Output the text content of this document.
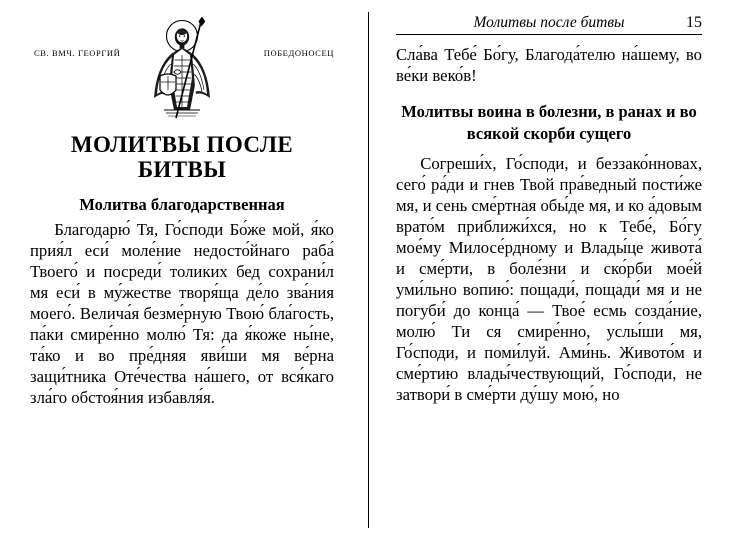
СВ. ВМЧ. ГЕОРГИЙ	ПОБЕДОНОСЕЦ
МОЛИТВЫ ПОСЛЕ БИТВЫ
Молитва благодарственная

Благодарю́ Тя, Го́споди Бо́же мой, я́ко прия́л еси́ моле́ние недосто́йнаго раба́ Твоего́ и посреди́ толиких бед сохрани́л мя еси́ в му́жестве творя́ща де́ло зва́ния моего́. Велича́я безме́рную Твою́ бла́гость, па́ки смире́нно молю́ Тя: да я́коже ны́не, та́ко и во пре́дняя яви́ши мя ве́рна защи́тника Оте́чества на́шего, от вся́каго зла́го обстоя́ния избавля́я.

Молитвы после битвы	15

Сла́ва Тебе́ Бо́гу, Благода́телю на́шему, во ве́ки веко́в!

Молитвы воина в болезни, в ранах и во всякой скорби сущего

Согреши́х, Го́споди, и беззако́нновах, сего́ ра́ди и гнев Твой пра́ведный пости́же мя, и сень сме́ртная обы́де мя, и ко а́довым врато́м приближи́хся, но к Тебе́, Бо́гу мое́му Милосе́рдному и Влады́це живота́ и сме́рти, в боле́зни и ско́рби мое́й уми́льно вопию́: пощади́, пощади́ мя и не погуби́ до конца́ — Твое́ есмь созда́ние, молю́ Ти ся смире́нно, услы́ши мя, Го́споди, и поми́луй. Ами́нь. Живото́м и сме́ртию влады́чествующий, Го́споди, не затвори́ в сме́рти ду́шу мою́, но
